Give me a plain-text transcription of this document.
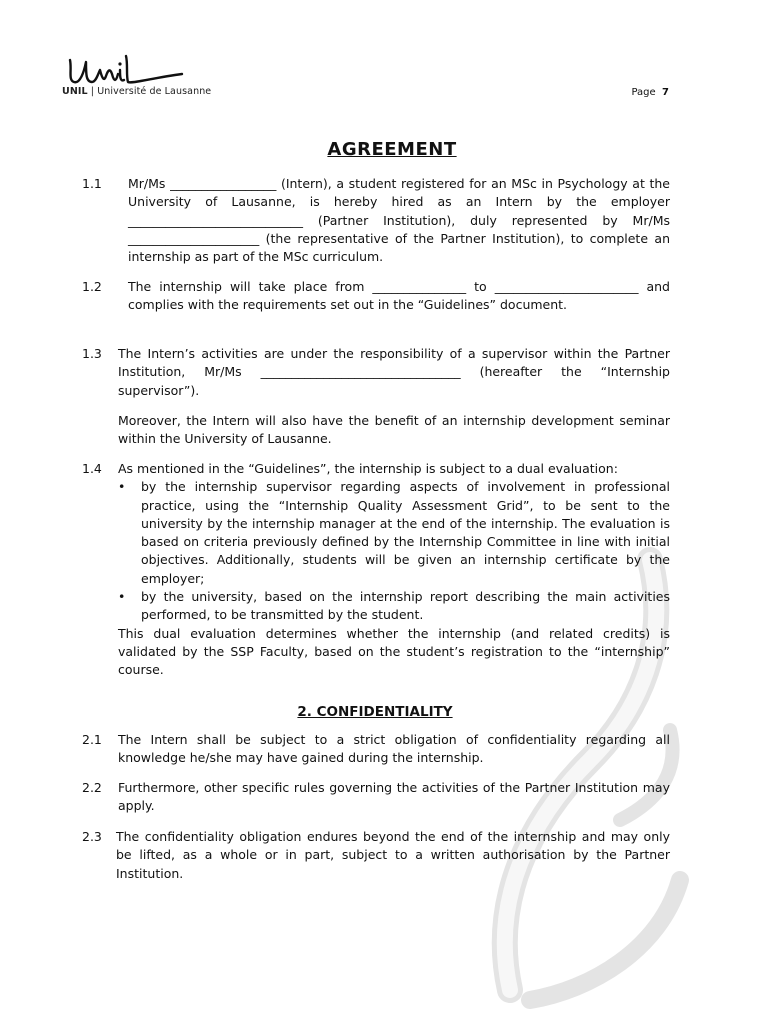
UNIL | Université de Lausanne	Page 7
AGREEMENT
1.1 Mr/Ms _________________ (Intern), a student registered for an MSc in Psychology at the University of Lausanne, is hereby hired as an Intern by the employer ____________________________ (Partner Institution), duly represented by Mr/Ms _____________________ (the representative of the Partner Institution), to complete an internship as part of the MSc curriculum.

1.2 The internship will take place from _______________ to _______________________ and complies with the requirements set out in the “Guidelines” document.

1.3 The Intern’s activities are under the responsibility of a supervisor within the Partner Institution, Mr/Ms ________________________________ (hereafter the “Internship supervisor”).

Moreover, the Intern will also have the benefit of an internship development seminar within the University of Lausanne.

1.4 As mentioned in the “Guidelines”, the internship is subject to a dual evaluation:

• by the internship supervisor regarding aspects of involvement in professional practice, using the “Internship Quality Assessment Grid”, to be sent to the university by the internship manager at the end of the internship. The evaluation is based on criteria previously defined by the Internship Committee in line with initial objectives. Additionally, students will be given an internship certificate by the employer;
• by the university, based on the internship report describing the main activities performed, to be transmitted by the student.

This dual evaluation determines whether the internship (and related credits) is validated by the SSP Faculty, based on the student’s registration to the “internship” course.

2. CONFIDENTIALITY
2.1 The Intern shall be subject to a strict obligation of confidentiality regarding all knowledge he/she may have gained during the internship.

2.2 Furthermore, other specific rules governing the activities of the Partner Institution may apply.

2.3 The confidentiality obligation endures beyond the end of the internship and may only be lifted, as a whole or in part, subject to a written authorisation by the Partner Institution.
